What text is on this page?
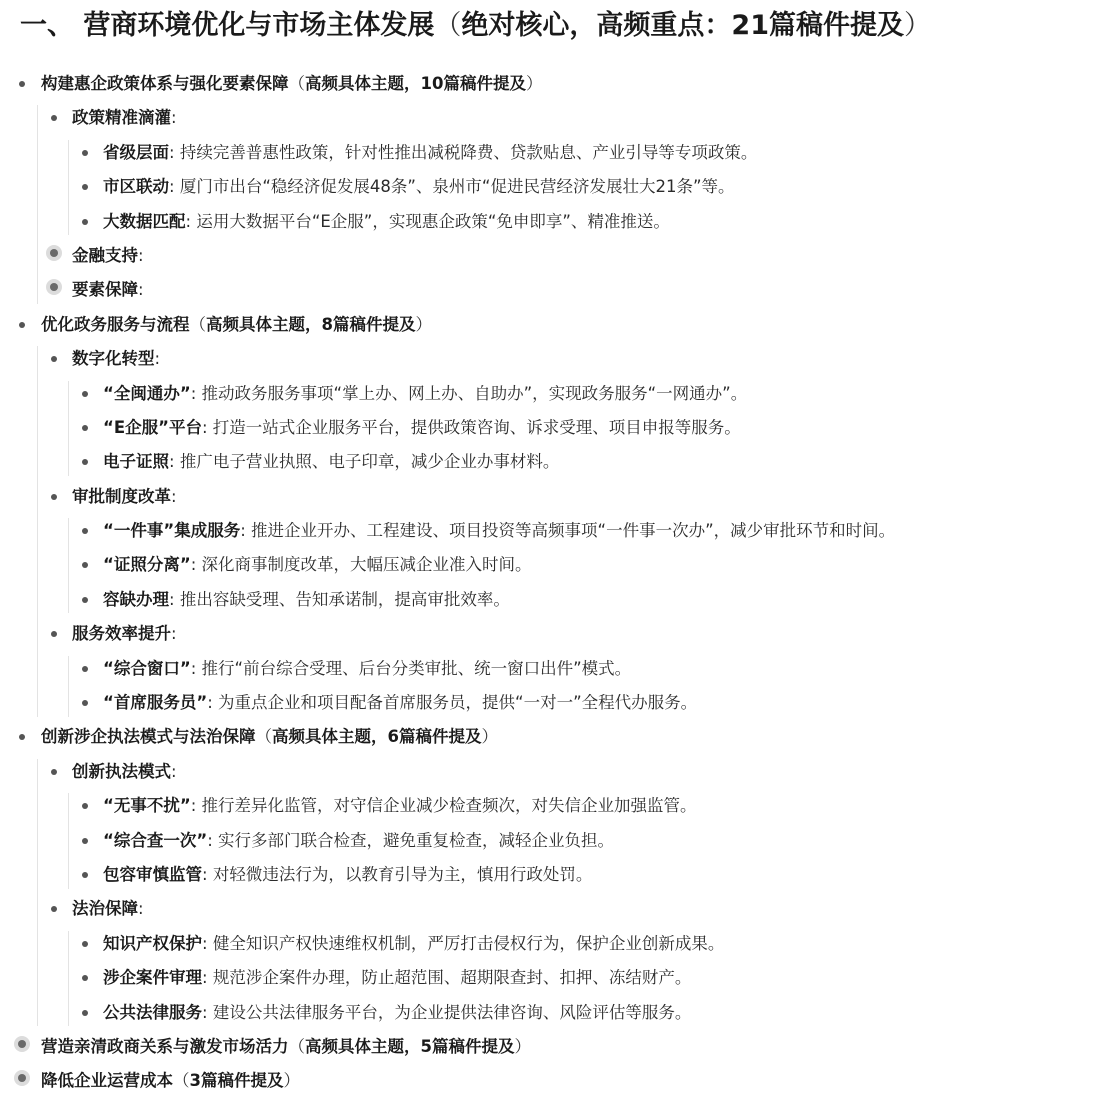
一、 营商环境优化与市场主体发展（绝对核心，高频重点：21篇稿件提及）
构建惠企政策体系与强化要素保障（高频具体主题，10篇稿件提及）
政策精准滴灌:
省级层面: 持续完善普惠性政策，针对性推出减税降费、贷款贴息、产业引导等专项政策。
市区联动: 厦门市出台“稳经济促发展48条”、泉州市“促进民营经济发展壮大21条”等。
大数据匹配: 运用大数据平台“E企服”，实现惠企政策“免申即享”、精准推送。
金融支持:
要素保障:
优化政务服务与流程（高频具体主题，8篇稿件提及）
数字化转型:
“全闽通办”: 推动政务服务事项“掌上办、网上办、自助办”，实现政务服务“一网通办”。
“E企服”平台: 打造一站式企业服务平台，提供政策咨询、诉求受理、项目申报等服务。
电子证照: 推广电子营业执照、电子印章，减少企业办事材料。
审批制度改革:
“一件事”集成服务: 推进企业开办、工程建设、项目投资等高频事项“一件事一次办”，减少审批环节和时间。
“证照分离”: 深化商事制度改革，大幅压减企业准入时间。
容缺办理: 推出容缺受理、告知承诺制，提高审批效率。
服务效率提升:
“综合窗口”: 推行“前台综合受理、后台分类审批、统一窗口出件”模式。
“首席服务员”: 为重点企业和项目配备首席服务员，提供“一对一”全程代办服务。
创新涉企执法模式与法治保障（高频具体主题，6篇稿件提及）
创新执法模式:
“无事不扰”: 推行差异化监管，对守信企业减少检查频次，对失信企业加强监管。
“综合查一次”: 实行多部门联合检查，避免重复检查，减轻企业负担。
包容审慎监管: 对轻微违法行为，以教育引导为主，慎用行政处罚。
法治保障:
知识产权保护: 健全知识产权快速维权机制，严厉打击侵权行为，保护企业创新成果。
涉企案件审理: 规范涉企案件办理，防止超范围、超期限查封、扣押、冻结财产。
公共法律服务: 建设公共法律服务平台，为企业提供法律咨询、风险评估等服务。
营造亲清政商关系与激发市场活力（高频具体主题，5篇稿件提及）
降低企业运营成本（3篇稿件提及）
